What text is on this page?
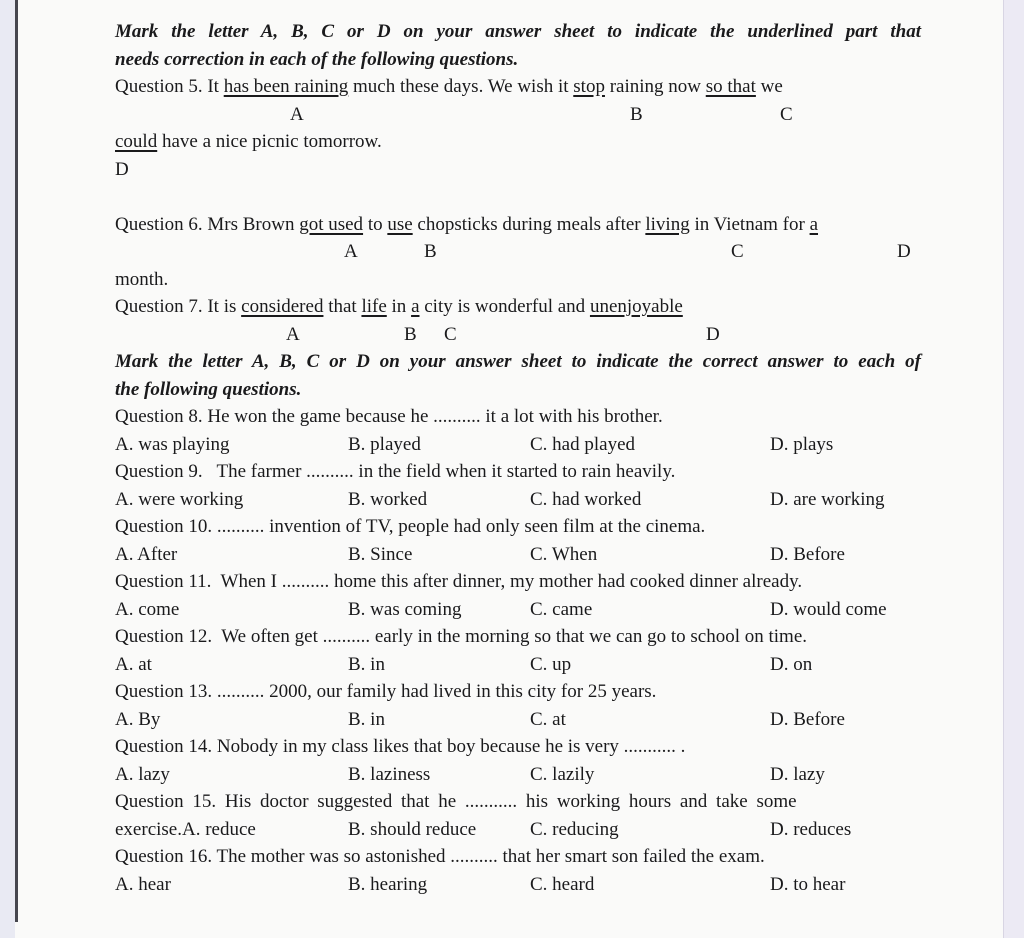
Mark the letter A, B, C or D on your answer sheet to indicate the underlined part that
needs correction in each of the following questions.
Question 5. It has been raining much these days. We wish it stop raining now so that we
A	B	C
could have a nice picnic tomorrow.
D
Question 6. Mrs Brown got used to use chopsticks during meals after living in Vietnam for a
A	B	C	D
month.
Question 7. It is considered that life in a city is wonderful and unenjoyable
A	B C	D
Mark the letter A, B, C or D on your answer sheet to indicate the correct answer to each of
the following questions.
Question 8. He won the game because he .......... it a lot with his brother.
A. was playing	B. played	C. had played	D. plays
Question 9.   The farmer .......... in the field when it started to rain heavily.
A. were working	B. worked	C. had worked	D. are working
Question 10. .......... invention of TV, people had only seen film at the cinema.
A. After	B. Since	C. When	D. Before
Question 11.  When I .......... home this after dinner, my mother had cooked dinner already.
A. come	B. was coming	C. came	D. would come
Question 12.  We often get .......... early in the morning so that we can go to school on time.
A. at	B. in	C. up	D. on
Question 13. .......... 2000, our family had lived in this city for 25 years.
A. By	B. in	C. at	D. Before
Question 14. Nobody in my class likes that boy because he is very ........... .
A. lazy	B. laziness	C. lazily	D. lazy
Question 15. His doctor suggested that he ........... his working hours and take some
exercise.A. reduce	B. should reduce	C. reducing	D. reduces
Question 16. The mother was so astonished .......... that her smart son failed the exam.
A. hear	B. hearing	C. heard	D. to hear
